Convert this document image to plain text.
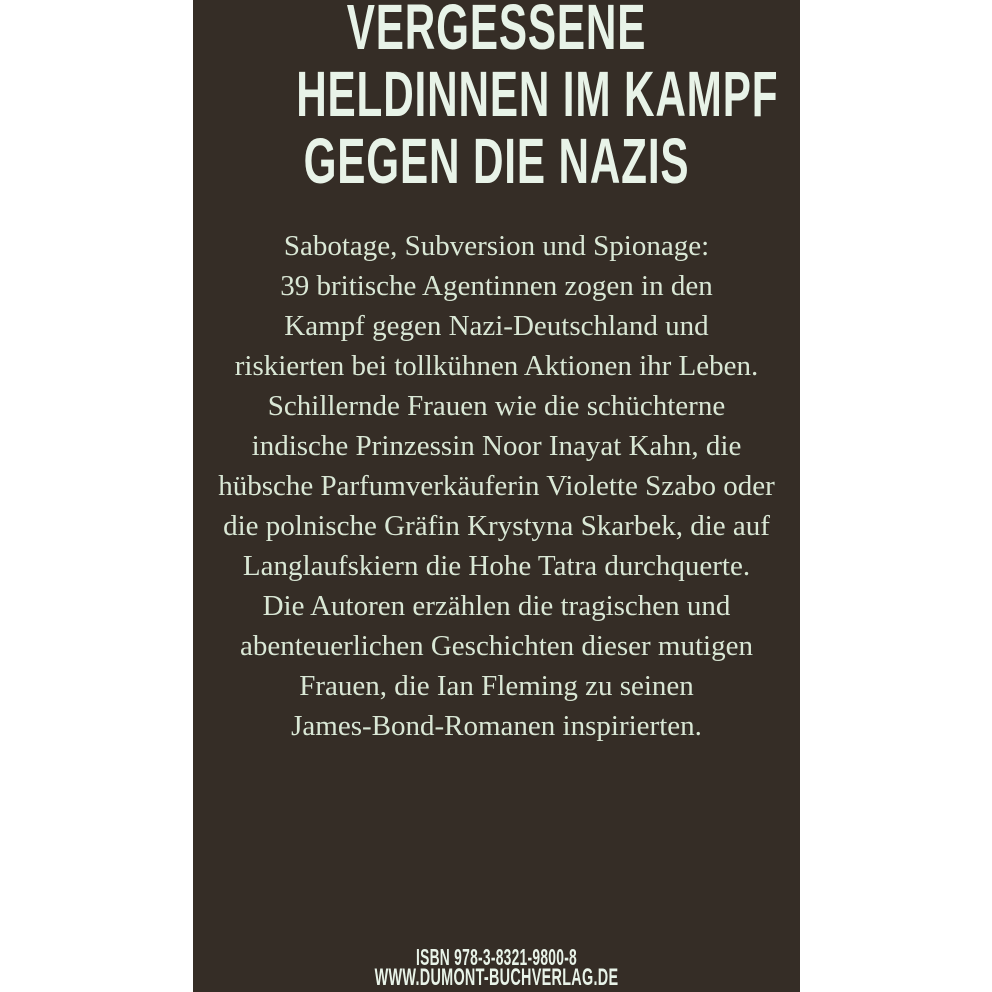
VERGESSENE
HELDINNEN IM KAMPF
GEGEN DIE NAZIS
Sabotage, Subversion und Spionage:
39 britische Agentinnen zogen in den
Kampf gegen Nazi-Deutschland und
riskierten bei tollkühnen Aktionen ihr Leben.
Schillernde Frauen wie die schüchterne
indische Prinzessin Noor Inayat Kahn, die
hübsche Parfumverkäuferin Violette Szabo oder
die polnische Gräfin Krystyna Skarbek, die auf
Langlaufskiern die Hohe Tatra durchquerte.
Die Autoren erzählen die tragischen und
abenteuerlichen Geschichten dieser mutigen
Frauen, die Ian Fleming zu seinen
James-Bond-Romanen inspirierten.
ISBN 978-3-8321-9800-8
WWW.DUMONT-BUCHVERLAG.DE
